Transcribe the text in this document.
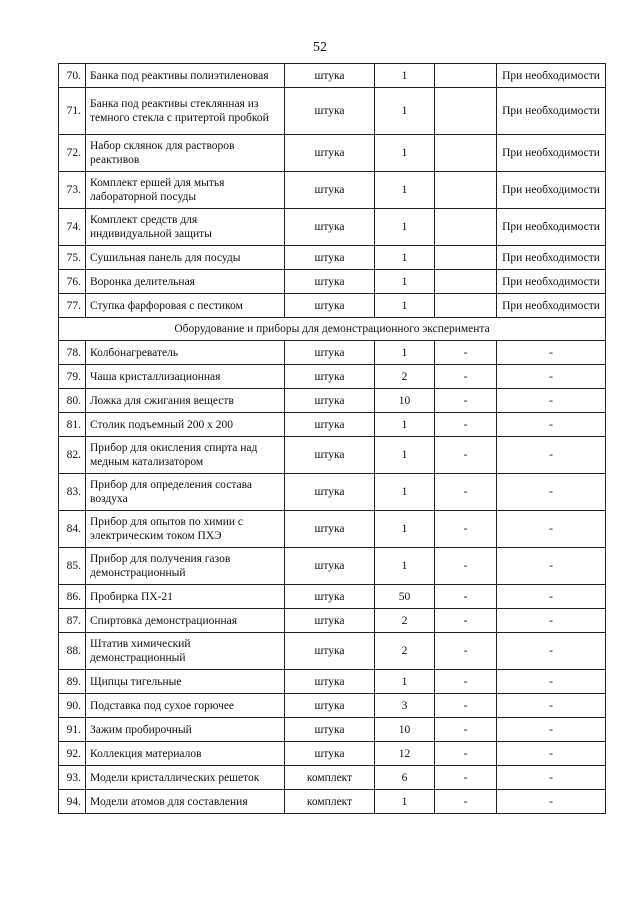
52
70.	Банка под реактивы полиэтиленовая	штука	1		При необходимости
71.	Банка под реактивы стеклянная из темного стекла с притертой пробкой	штука	1		При необходимости
72.	Набор склянок для растворов реактивов	штука	1		При необходимости
73.	Комплект ершей для мытья лабораторной посуды	штука	1		При необходимости
74.	Комплект средств для индивидуальной защиты	штука	1		При необходимости
75.	Сушильная панель для посуды	штука	1		При необходимости
76.	Воронка делительная	штука	1		При необходимости
77.	Ступка фарфоровая с пестиком	штука	1		При необходимости
Оборудование и приборы для демонстрационного эксперимента					
78.	Колбонагреватель	штука	1	-	-
79.	Чаша кристаллизационная	штука	2	-	-
80.	Ложка для сжигания веществ	штука	10	-	-
81.	Столик подъемный 200 х 200	штука	1	-	-
82.	Прибор для окисления спирта над медным катализатором	штука	1	-	-
83.	Прибор для определения состава воздуха	штука	1	-	-
84.	Прибор для опытов по химии с электрическим током ПХЭ	штука	1	-	-
85.	Прибор для получения газов демонстрационный	штука	1	-	-
86.	Пробирка ПХ-21	штука	50	-	-
87.	Спиртовка демонстрационная	штука	2	-	-
88.	Штатив химический демонстрационный	штука	2	-	-
89.	Щипцы тигельные	штука	1	-	-
90.	Подставка под сухое горючее	штука	3	-	-
91.	Зажим пробирочный	штука	10	-	-
92.	Коллекция материалов	штука	12	-	-
93.	Модели кристаллических решеток	комплект	6	-	-
94.	Модели атомов для составления	комплект	1	-	-
